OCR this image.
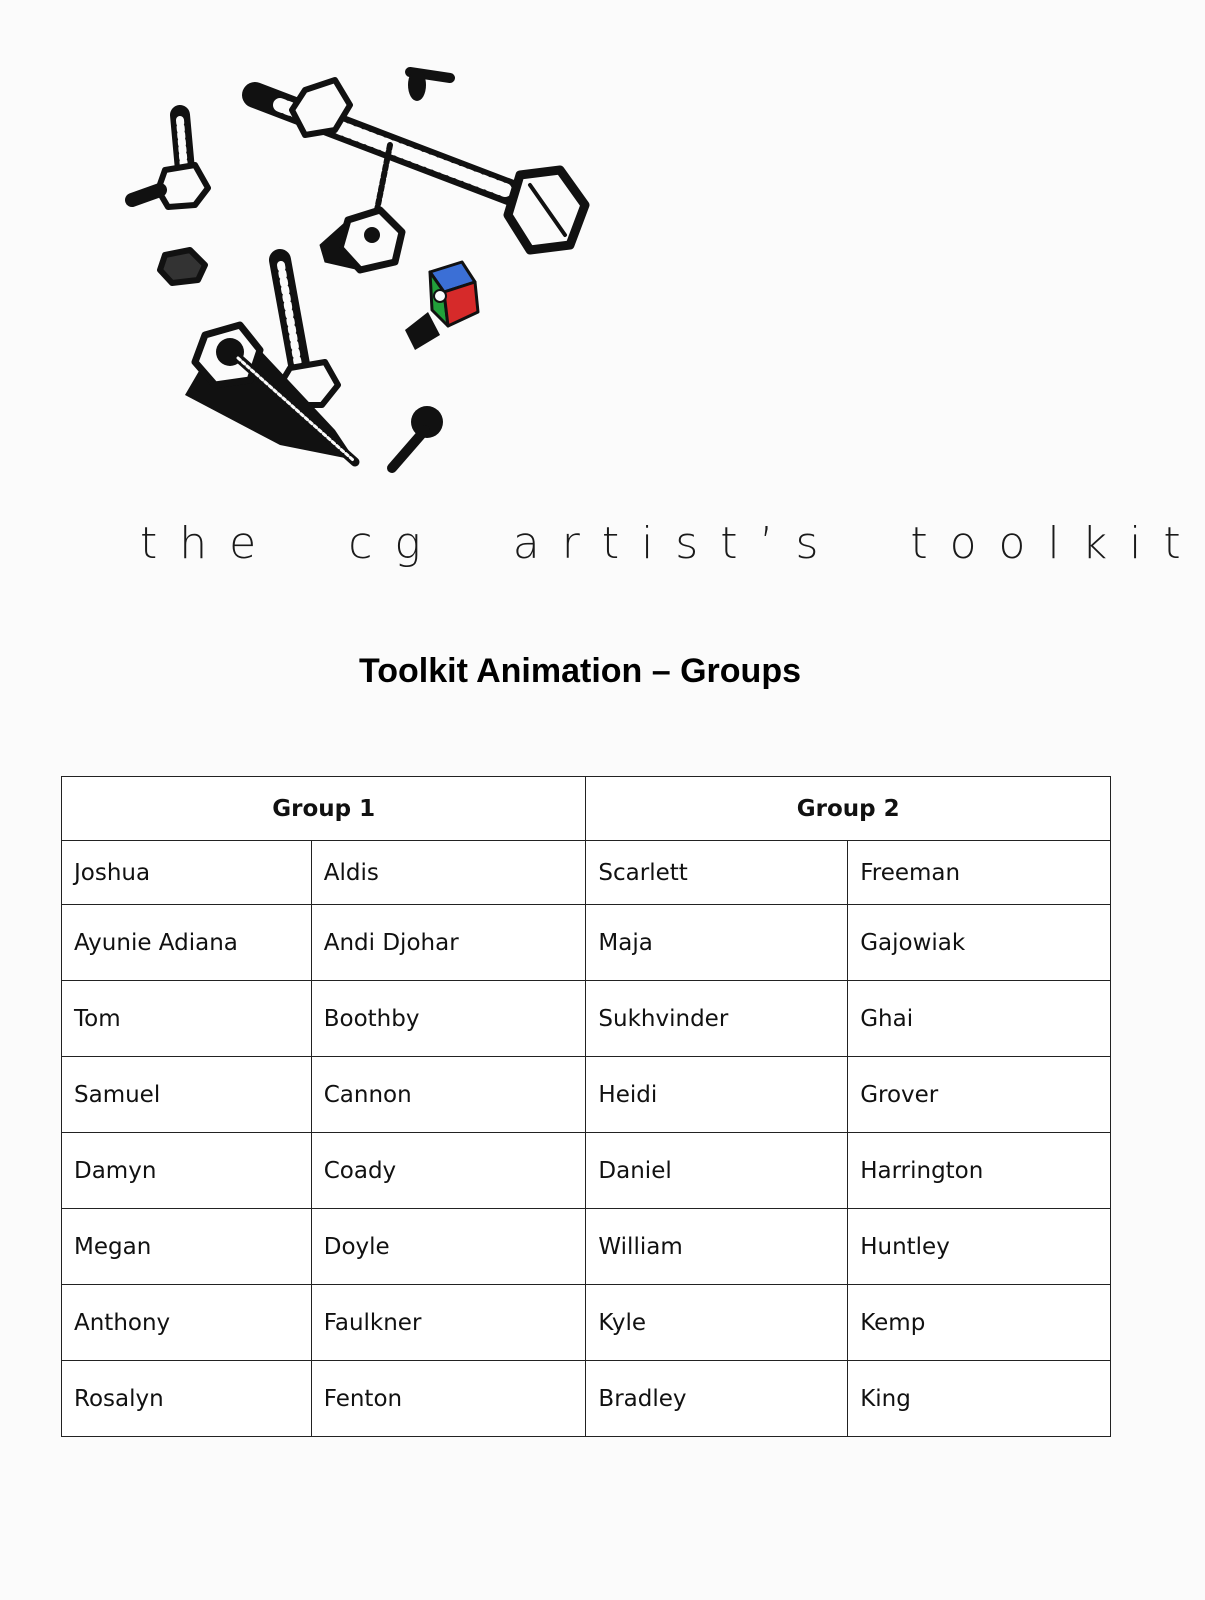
the cg artist’s toolkit
Toolkit Animation – Groups
Group 1		Group 2	
Joshua	Aldis	Scarlett	Freeman
Ayunie Adiana	Andi Djohar	Maja	Gajowiak
Tom	Boothby	Sukhvinder	Ghai
Samuel	Cannon	Heidi	Grover
Damyn	Coady	Daniel	Harrington
Megan	Doyle	William	Huntley
Anthony	Faulkner	Kyle	Kemp
Rosalyn	Fenton	Bradley	King
